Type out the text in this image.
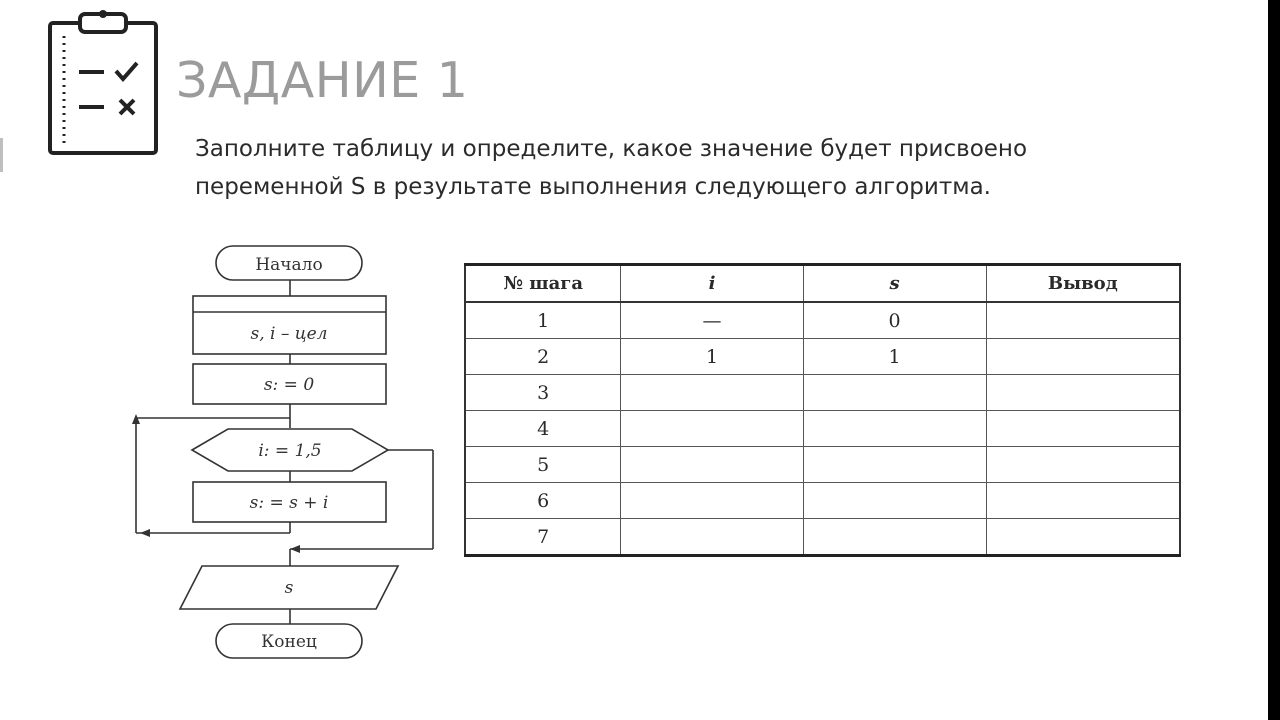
ЗАДАНИЕ 1
Заполните таблицу и определите, какое значение будет присвоено
переменной S в результате выполнения следующего алгоритма.
Начало
s, i – цел
s: = 0
i: = 1,5
s: = s + i
s
Конец
№ шага	i	s	Вывод
1	—	0	
2	1	1	
3			
4			
5			
6			
7			
